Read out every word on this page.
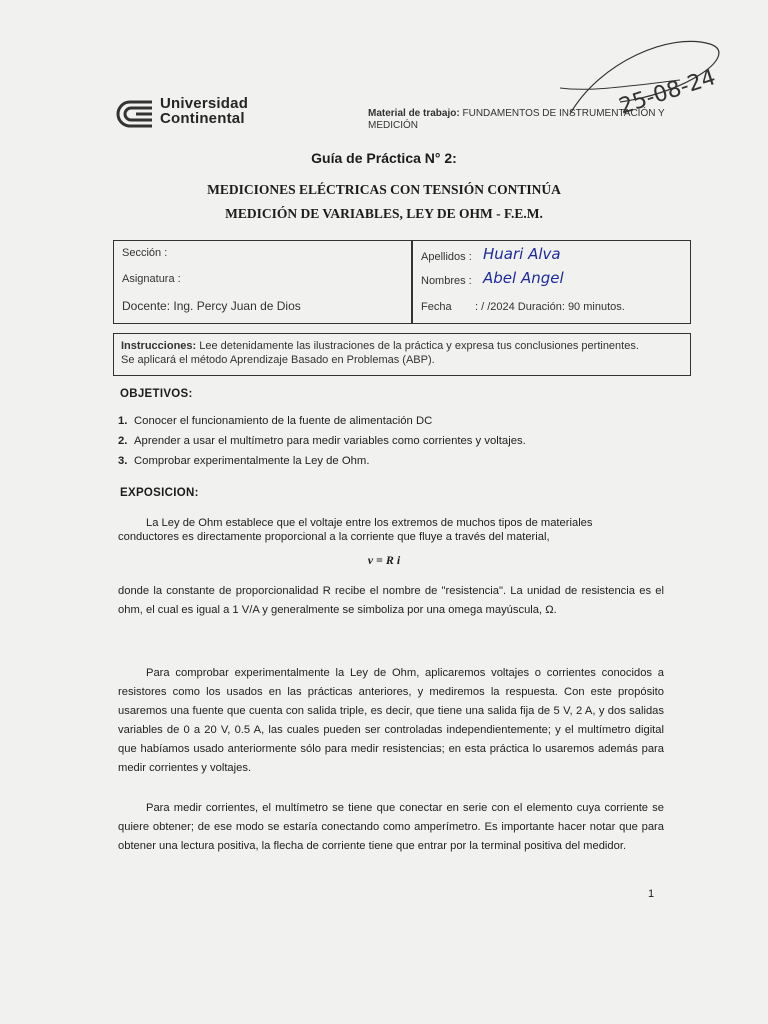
Universidad
Continental	Material de trabajo: FUNDAMENTOS DE INSTRUMENTACIÓN Y MEDICIÓN
25-08-24
Guía de Práctica N° 2:
MEDICIONES ELÉCTRICAS CON TENSIÓN CONTINÚA
MEDICIÓN DE VARIABLES, LEY DE OHM - F.E.M.
Sección :
Asignatura :
Docente: Ing. Percy Juan de Dios
Apellidos : Huari Alva
Nombres : Abel Angel
Fecha : / /2024 Duración: 90 minutos.
Instrucciones: Lee detenidamente las ilustraciones de la práctica y expresa tus conclusiones pertinentes.
Se aplicará el método Aprendizaje Basado en Problemas (ABP).
OBJETIVOS:
1. Conocer el funcionamiento de la fuente de alimentación DC
2. Aprender a usar el multímetro para medir variables como corrientes y voltajes.
3. Comprobar experimentalmente la Ley de Ohm.
EXPOSICION:
La Ley de Ohm establece que el voltaje entre los extremos de muchos tipos de materiales
conductores es directamente proporcional a la corriente que fluye a través del material,
v = R i
donde la constante de proporcionalidad R recibe el nombre de "resistencia". La unidad de resistencia es el ohm, el cual es igual a 1 V/A y generalmente se simboliza por una omega mayúscula, Ω.
Para comprobar experimentalmente la Ley de Ohm, aplicaremos voltajes o corrientes conocidos a resistores como los usados en las prácticas anteriores, y mediremos la respuesta. Con este propósito usaremos una fuente que cuenta con salida triple, es decir, que tiene una salida fija de 5 V, 2 A, y dos salidas variables de 0 a 20 V, 0.5 A, las cuales pueden ser controladas independientemente; y el multímetro digital que habíamos usado anteriormente sólo para medir resistencias; en esta práctica lo usaremos además para medir corrientes y voltajes.
Para medir corrientes, el multímetro se tiene que conectar en serie con el elemento cuya corriente se quiere obtener; de ese modo se estaría conectando como amperímetro. Es importante hacer notar que para obtener una lectura positiva, la flecha de corriente tiene que entrar por la terminal positiva del medidor.
1
